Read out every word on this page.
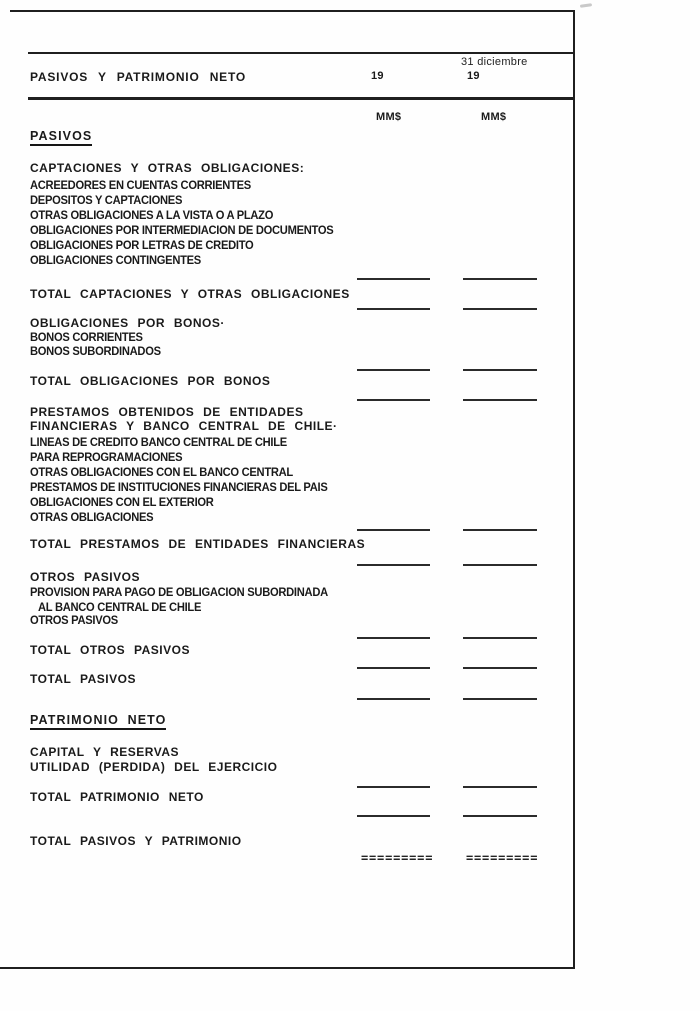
31 diciembre
PASIVOS Y PATRIMONIO NETO	19	19
MM$	MM$
PASIVOS
CAPTACIONES Y OTRAS OBLIGACIONES:
ACREEDORES EN CUENTAS CORRIENTES
DEPOSITOS Y CAPTACIONES
OTRAS OBLIGACIONES A LA VISTA O A PLAZO
OBLIGACIONES POR INTERMEDIACION DE DOCUMENTOS
OBLIGACIONES POR LETRAS DE CREDITO
OBLIGACIONES CONTINGENTES
TOTAL CAPTACIONES Y OTRAS OBLIGACIONES
OBLIGACIONES POR BONOS·
BONOS CORRIENTES
BONOS SUBORDINADOS
TOTAL OBLIGACIONES POR BONOS
PRESTAMOS OBTENIDOS DE ENTIDADES
FINANCIERAS Y BANCO CENTRAL DE CHILE·
LINEAS DE CREDITO BANCO CENTRAL DE CHILE
PARA REPROGRAMACIONES
OTRAS OBLIGACIONES CON EL BANCO CENTRAL
PRESTAMOS DE INSTITUCIONES FINANCIERAS DEL PAIS
OBLIGACIONES CON EL EXTERIOR
OTRAS OBLIGACIONES
TOTAL PRESTAMOS DE ENTIDADES FINANCIERAS
OTROS PASIVOS
PROVISION PARA PAGO DE OBLIGACION SUBORDINADA
AL BANCO CENTRAL DE CHILE
OTROS PASIVOS
TOTAL OTROS PASIVOS
TOTAL PASIVOS
PATRIMONIO NETO
CAPITAL Y RESERVAS
UTILIDAD (PERDIDA) DEL EJERCICIO
TOTAL PATRIMONIO NETO
TOTAL PASIVOS Y PATRIMONIO
=========	=========
